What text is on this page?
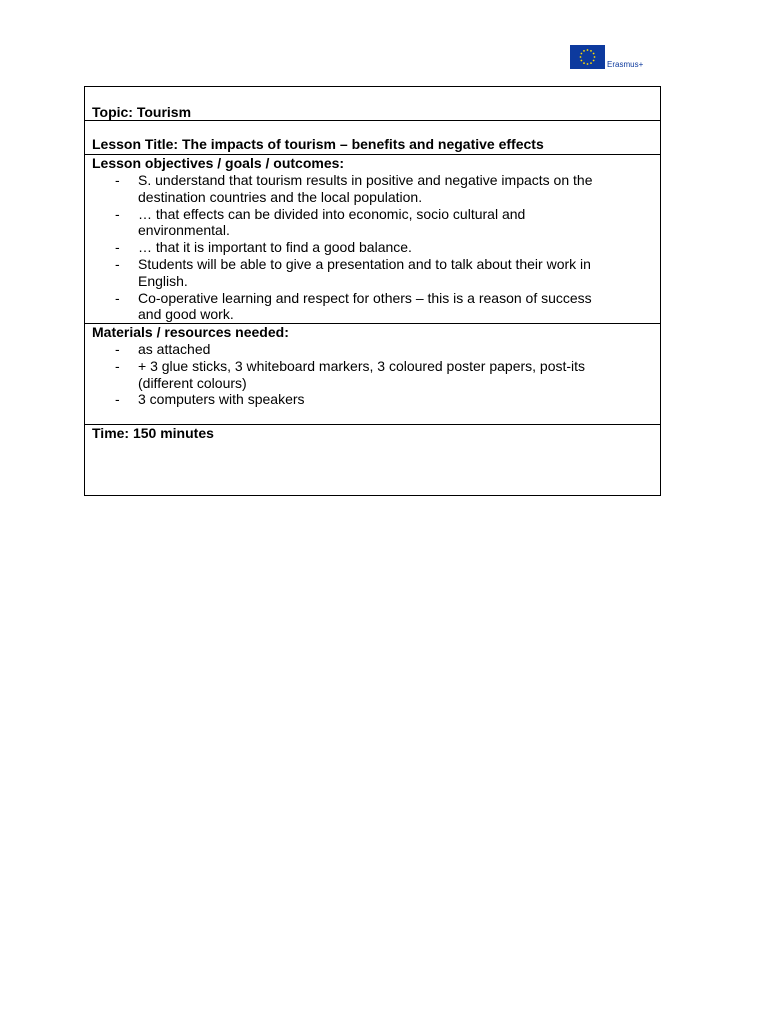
Erasmus+
Topic: Tourism
Lesson Title: The impacts of tourism – benefits and negative effects
Lesson objectives / goals / outcomes:
- S. understand that tourism results in positive and negative impacts on the destination countries and the local population.
- … that effects can be divided into economic, socio cultural and environmental.
- … that it is important to find a good balance.
- Students will be able to give a presentation and to talk about their work in English.
- Co-operative learning and respect for others – this is a reason of success and good work.
Materials / resources needed:
- as attached
- + 3 glue sticks, 3 whiteboard markers, 3 coloured poster papers, post-its (different colours)
- 3 computers with speakers
Time: 150 minutes
